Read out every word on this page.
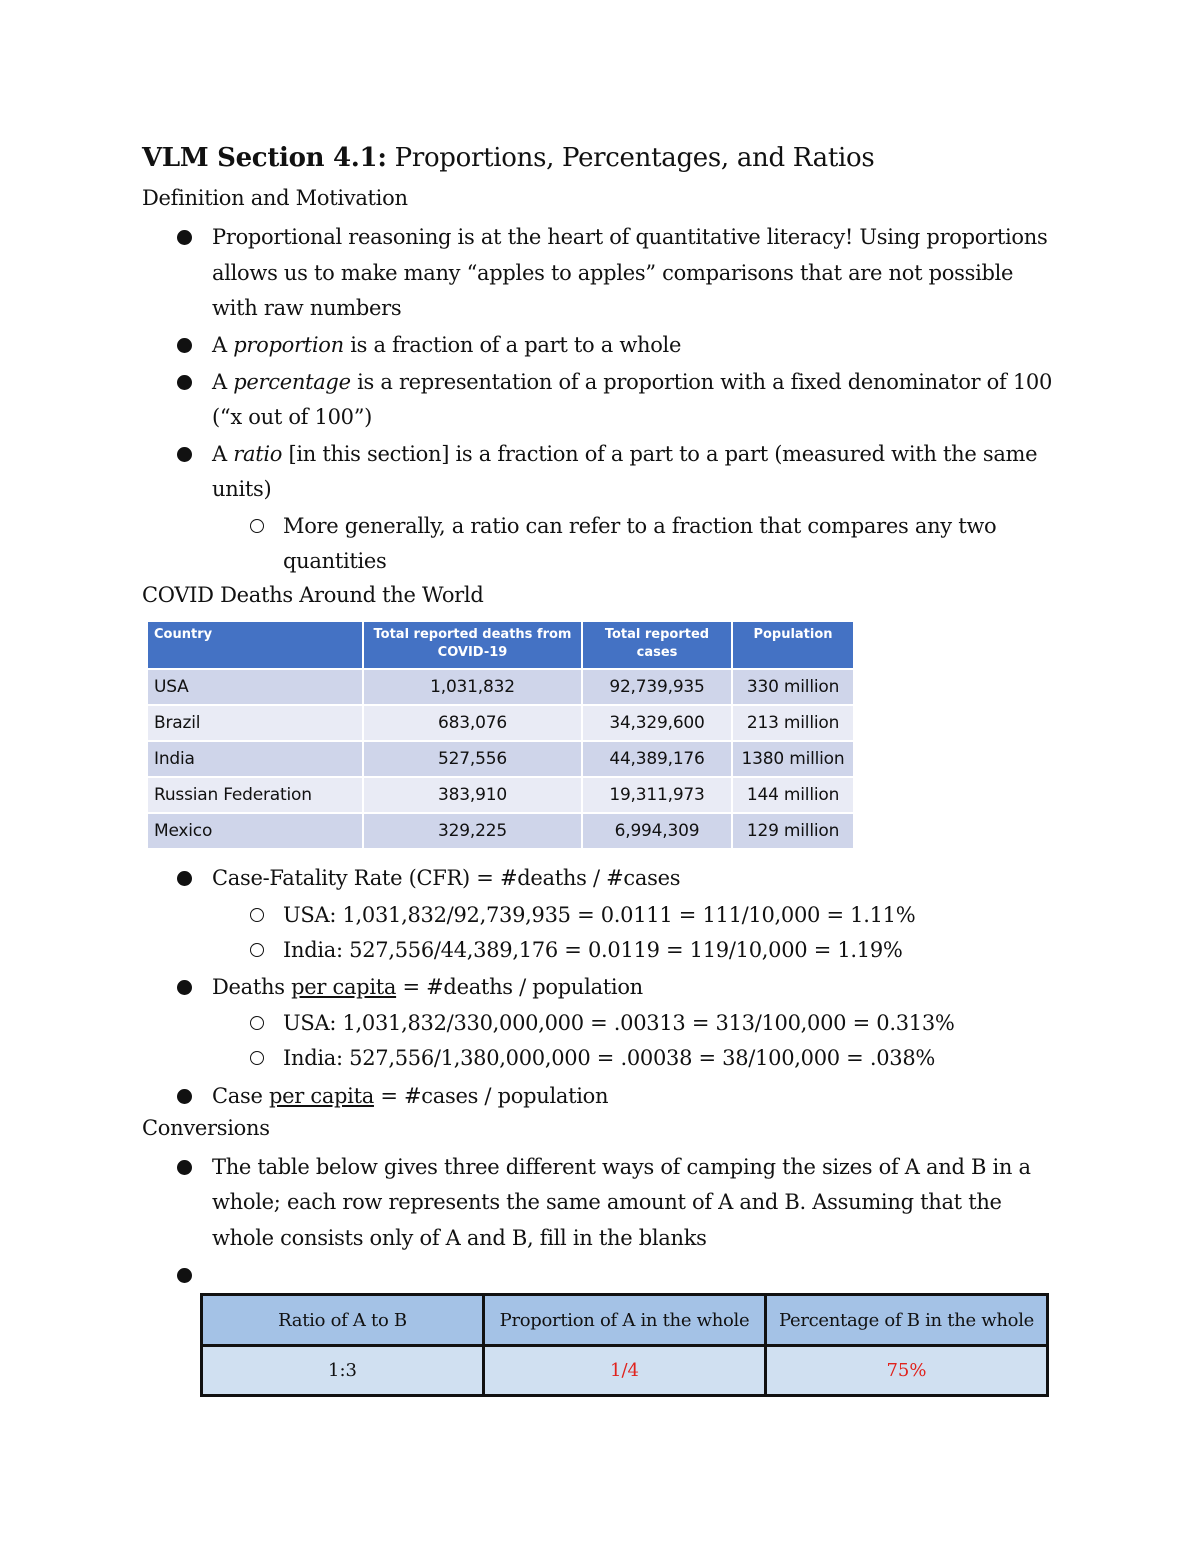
VLM Section 4.1: Proportions, Percentages, and Ratios
Definition and Motivation
Proportional reasoning is at the heart of quantitative literacy! Using proportions
allows us to make many “apples to apples” comparisons that are not possible
with raw numbers
A proportion is a fraction of a part to a whole
A percentage is a representation of a proportion with a fixed denominator of 100
(“x out of 100”)
A ratio [in this section] is a fraction of a part to a part (measured with the same
units)
More generally, a ratio can refer to a fraction that compares any two
quantities
COVID Deaths Around the World
Country	Total reported deaths from COVID-19	Total reported cases	Population
USA	1,031,832	92,739,935	330 million
Brazil	683,076	34,329,600	213 million
India	527,556	44,389,176	1380 million
Russian Federation	383,910	19,311,973	144 million
Mexico	329,225	6,994,309	129 million
Case-Fatality Rate (CFR) = #deaths / #cases
USA: 1,031,832/92,739,935 = 0.0111 = 111/10,000 = 1.11%
India: 527,556/44,389,176 = 0.0119 = 119/10,000 = 1.19%
Deaths per capita = #deaths / population
USA: 1,031,832/330,000,000 = .00313 = 313/100,000 = 0.313%
India: 527,556/1,380,000,000 = .00038 = 38/100,000 = .038%
Case per capita = #cases / population
Conversions
The table below gives three different ways of camping the sizes of A and B in a
whole; each row represents the same amount of A and B. Assuming that the
whole consists only of A and B, fill in the blanks
Ratio of A to B	Proportion of A in the whole	Percentage of B in the whole
1:3	1/4	75%
